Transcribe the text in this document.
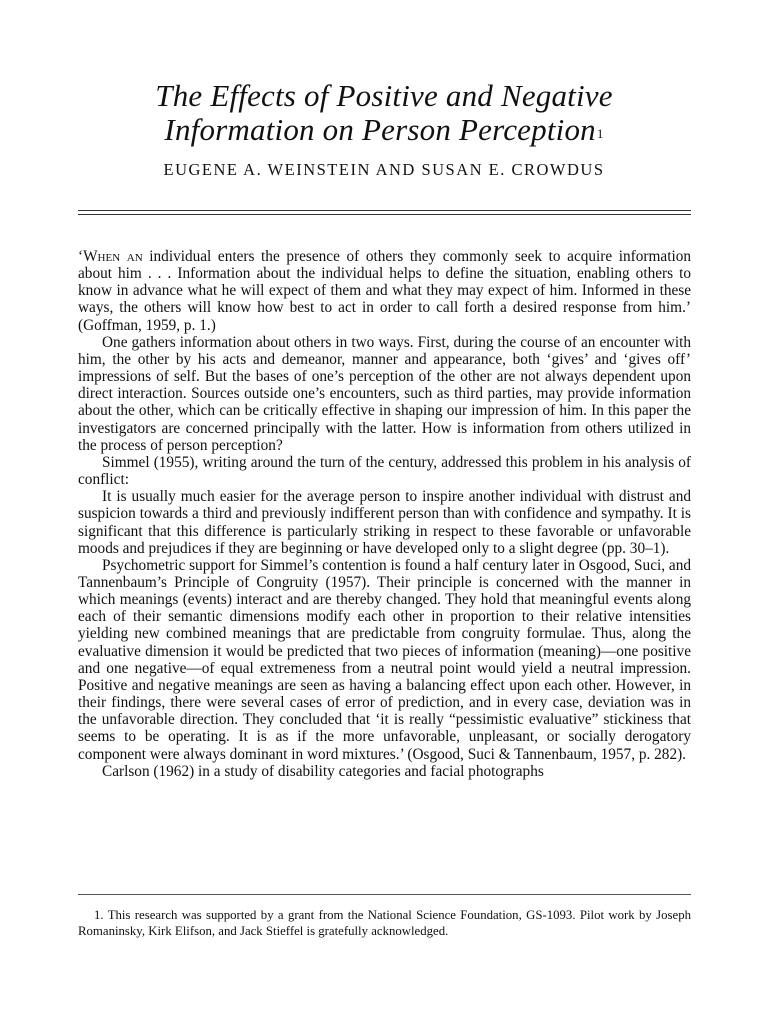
The Effects of Positive and Negative
Information on Person Perception$^1$
EUGENE A. WEINSTEIN AND SUSAN E. CROWDUS

‘When an individual enters the presence of others they commonly seek to acquire information about him . . . Information about the individual helps to define the situation, enabling others to know in advance what he will expect of them and what they may expect of him. Informed in these ways, the others will know how best to act in order to call forth a desired response from him.’ (Goffman, 1959, p. 1.)

One gathers information about others in two ways. First, during the course of an encounter with him, the other by his acts and demeanor, manner and appearance, both ‘gives’ and ‘gives off’ impressions of self. But the bases of one’s perception of the other are not always dependent upon direct interaction. Sources outside one’s encounters, such as third parties, may provide information about the other, which can be critically effective in shaping our impression of him. In this paper the investigators are concerned principally with the latter. How is information from others utilized in the process of person perception?

Simmel (1955), writing around the turn of the century, addressed this problem in his analysis of conflict:

It is usually much easier for the average person to inspire another individual with distrust and suspicion towards a third and previously indifferent person than with confidence and sympathy. It is significant that this difference is particularly striking in respect to these favorable or unfavorable moods and prejudices if they are beginning or have developed only to a slight degree (pp. 30–1).

Psychometric support for Simmel’s contention is found a half century later in Osgood, Suci, and Tannenbaum’s Principle of Congruity (1957). Their principle is concerned with the manner in which meanings (events) interact and are thereby changed. They hold that meaningful events along each of their semantic dimensions modify each other in proportion to their relative intensities yielding new combined meanings that are predictable from congruity formulae. Thus, along the evaluative dimension it would be predicted that two pieces of information (meaning)—one positive and one negative—of equal extremeness from a neutral point would yield a neutral impression. Positive and negative meanings are seen as having a balancing effect upon each other. However, in their findings, there were several cases of error of prediction, and in every case, deviation was in the unfavorable direction. They concluded that ‘it is really “pessimistic evaluative” stickiness that seems to be operating. It is as if the more unfavorable, unpleasant, or socially derogatory component were always dominant in word mixtures.’ (Osgood, Suci & Tannenbaum, 1957, p. 282).

Carlson (1962) in a study of disability categories and facial photographs

1. This research was supported by a grant from the National Science Foundation, GS-1093. Pilot work by Joseph Romaninsky, Kirk Elifson, and Jack Stieffel is gratefully acknowledged.
